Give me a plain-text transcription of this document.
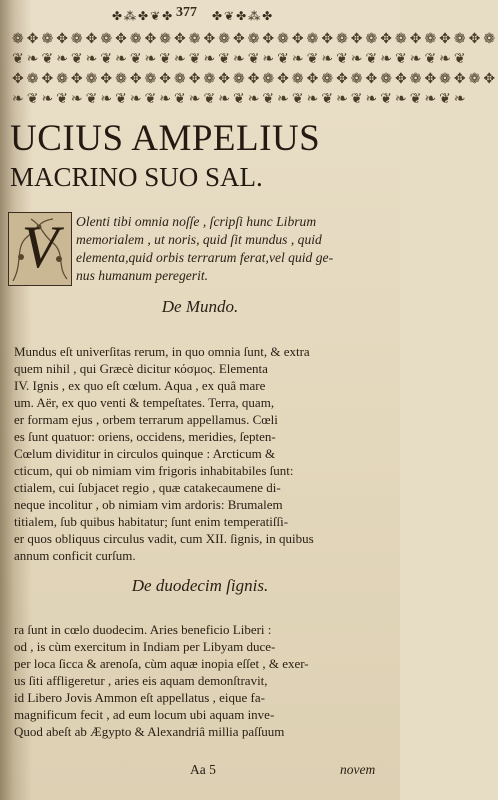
✤⁂✤❦✤ 377 ✤❦✤⁂✤
❁✥❁✥❁✥❁✥❁✥❁✥❁✥❁✥❁✥❁✥❁✥❁✥❁✥❁✥❁✥❁✥❁
❦❧❦❧❦❧❦❧❦❧❦❧❦❧❦❧❦❧❦❧❦❧❦❧❦❧❦❧❦❧❦
✥❁✥❁✥❁✥❁✥❁✥❁✥❁✥❁✥❁✥❁✥❁✥❁✥❁✥❁✥❁✥❁✥
❧❦❧❦❧❦❧❦❧❦❧❦❧❦❧❦❧❦❧❦❧❦❧❦❧❦❧❦❧❦❧
UCIUS AMPELIUS
MACRINO SUO SAL.
V	Olenti tibi omnia noſſe , ſcripſi hunc Librum
memorialem , ut noris, quid ſit mundus , quid
elementa,quid orbis terrarum ferat,vel quid ge-
nus humanum peregerit.
De Mundo.
Mundus eſt univerſitas rerum, in quo omnia ſunt, & extra
quem nihil , qui Græcè dicitur κόσμος. Elementa
IV. Ignis , ex quo eſt cœlum. Aqua , ex quâ mare
um. Aër, ex quo venti & tempeſtates. Terra, quam,
er formam ejus , orbem terrarum appellamus. Cœli
es ſunt quatuor: oriens, occidens, meridies, ſepten-
Cœlum dividitur in circulos quinque : Arcticum &
cticum, qui ob nimiam vim frigoris inhabitabiles ſunt:
ctialem, cui ſubjacet regio , quæ catakecaumene di-
neque incolitur , ob nimiam vim ardoris: Brumalem
titialem, ſub quibus habitatur; ſunt enim temperatiſſi-
er quos obliquus circulus vadit, cum XII. ſignis, in quibus
annum conficit curſum.
De duodecim ſignis.
ra ſunt in cœlo duodecim. Aries beneficio Liberi :
od , is cùm exercitum in Indiam per Libyam duce-
per loca ſicca & arenoſa, cùm aquæ inopia eſſet , & exer-
us ſiti affligeretur , aries eis aquam demonſtravit,
id Libero Jovis Ammon eſt appellatus , eique fa-
magnificum fecit , ad eum locum ubi aquam inve-
Quod abeſt ab Ægypto & Alexandriâ millia paſſuum
Aa 5	novem
